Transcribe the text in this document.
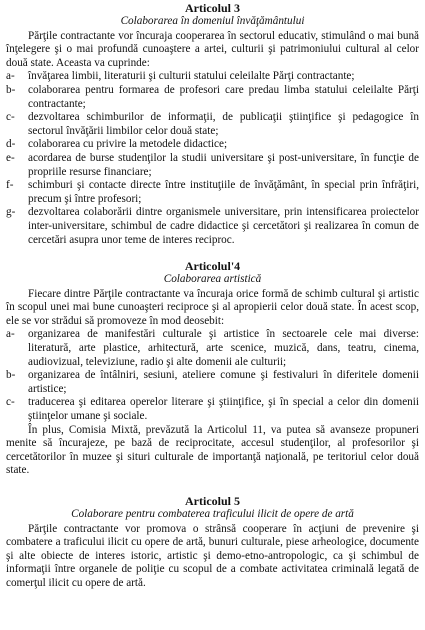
Articolul 3
Colaborarea în domeniul învăţământului

Părţile contractante vor încuraja cooperarea în sectorul educativ, stimulând o mai bună înţelegere şi o mai profundă cunoaştere a artei, culturii şi patrimoniului cultural al celor două state. Aceasta va cuprinde:

a-	învăţarea limbii, literaturii şi culturii statului celeilalte Părţi contractante;
b-	colaborarea pentru formarea de profesori care predau limba statului celeilalte Părţi contractante;
c-	dezvoltarea schimburilor de informaţii, de publicaţii ştiinţifice şi pedagogice în sectorul învăţării limbilor celor două state;
d-	colaborarea cu privire la metodele didactice;
e-	acordarea de burse studenţilor la studii universitare şi post-universitare, în funcţie de propriile resurse financiare;
f-	schimburi şi contacte directe între instituţiile de învăţământ, în special prin înfrăţiri, precum şi între profesori;
g-	dezvoltarea colaborării dintre organismele universitare, prin intensificarea proiectelor inter-universitare, schimbul de cadre didactice şi cercetători şi realizarea în comun de cercetări asupra unor teme de interes reciproc.
Articolul'4
Colaborarea artistică

Fiecare dintre Părţile contractante va încuraja orice formă de schimb cultural şi artistic în scopul unei mai bune cunoaşteri reciproce şi al apropierii celor două state. În acest scop, ele se vor strădui să promoveze în mod deosebit:

a-	organizarea de manifestări culturale şi artistice în sectoarele cele mai diverse: literatură, arte plastice, arhitectură, arte scenice, muzică, dans, teatru, cinema, audiovizual, televiziune, radio şi alte domenii ale culturii;
b-	organizarea de întâlniri, sesiuni, ateliere comune şi festivaluri în diferitele domenii artistice;
c-	traducerea şi editarea operelor literare şi ştiinţifice, şi în special a celor din domenii ştiinţelor umane şi sociale.

În plus, Comisia Mixtă, prevăzută la Articolul 11, va putea să avanseze propuneri menite să încurajeze, pe bază de reciprocitate, accesul studenţilor, al profesorilor şi cercetătorilor în muzee şi situri culturale de importanţă naţională, pe teritoriul celor două state.

Articolul 5
Colaborare pentru combaterea traficului ilicit de opere de artă

Părţile contractante vor promova o strânsă cooperare în acţiuni de prevenire şi combatere a traficului ilicit cu opere de artă, bunuri culturale, piese arheologice, documente şi alte obiecte de interes istoric, artistic şi demo-etno-antropologic, ca şi schimbul de informaţii între organele de poliţie cu scopul de a combate activitatea criminală legată de comerţul ilicit cu opere de artă.
